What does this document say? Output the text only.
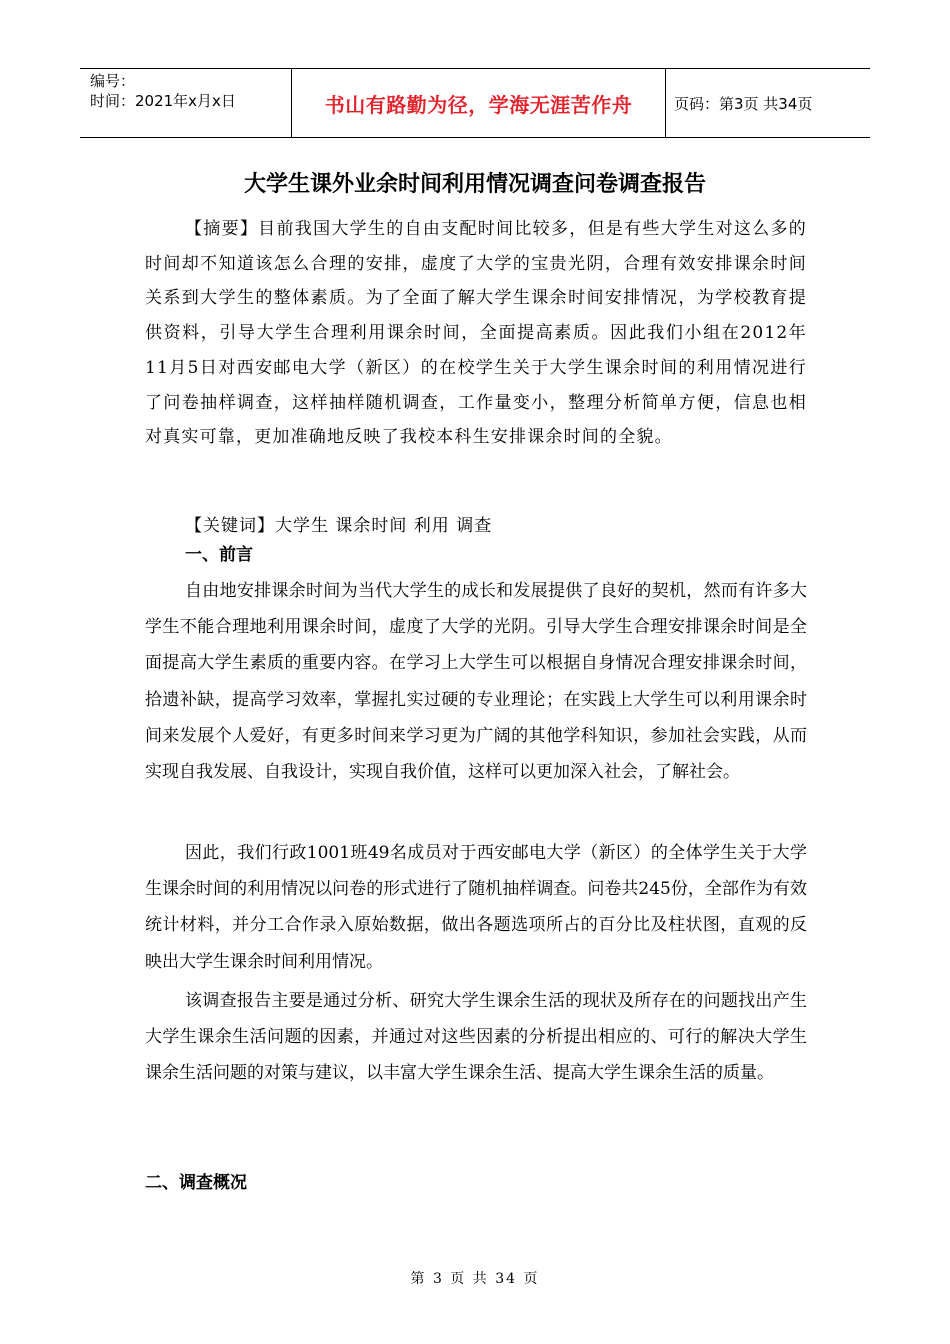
编号：
时间：2021年x月x日	书山有路勤为径，学海无涯苦作舟	页码：第3页 共34页
大学生课外业余时间利用情况调查问卷调查报告
【摘要】目前我国大学生的自由支配时间比较多，但是有些大学生对这么多的时间却不知道该怎么合理的安排，虚度了大学的宝贵光阴，合理有效安排课余时间关系到大学生的整体素质。为了全面了解大学生课余时间安排情况，为学校教育提供资料，引导大学生合理利用课余时间，全面提高素质。因此我们小组在2012年11月5日对西安邮电大学（新区）的在校学生关于大学生课余时间的利用情况进行了问卷抽样调查，这样抽样随机调查，工作量变小，整理分析简单方便，信息也相对真实可靠，更加准确地反映了我校本科生安排课余时间的全貌。
【关键词】大学生 课余时间 利用 调查
一、前言
自由地安排课余时间为当代大学生的成长和发展提供了良好的契机，然而有许多大学生不能合理地利用课余时间，虚度了大学的光阴。引导大学生合理安排课余时间是全面提高大学生素质的重要内容。在学习上大学生可以根据自身情况合理安排课余时间，拾遗补缺，提高学习效率，掌握扎实过硬的专业理论；在实践上大学生可以利用课余时间来发展个人爱好，有更多时间来学习更为广阔的其他学科知识，参加社会实践，从而实现自我发展、自我设计，实现自我价值，这样可以更加深入社会，了解社会。
因此，我们行政1001班49名成员对于西安邮电大学（新区）的全体学生关于大学生课余时间的利用情况以问卷的形式进行了随机抽样调查。问卷共245份，全部作为有效统计材料，并分工合作录入原始数据，做出各题选项所占的百分比及柱状图，直观的反映出大学生课余时间利用情况。
该调查报告主要是通过分析、研究大学生课余生活的现状及所存在的问题找出产生大学生课余生活问题的因素，并通过对这些因素的分析提出相应的、可行的解决大学生课余生活问题的对策与建议，以丰富大学生课余生活、提高大学生课余生活的质量。
二、调查概况
第 3 页 共 34 页
